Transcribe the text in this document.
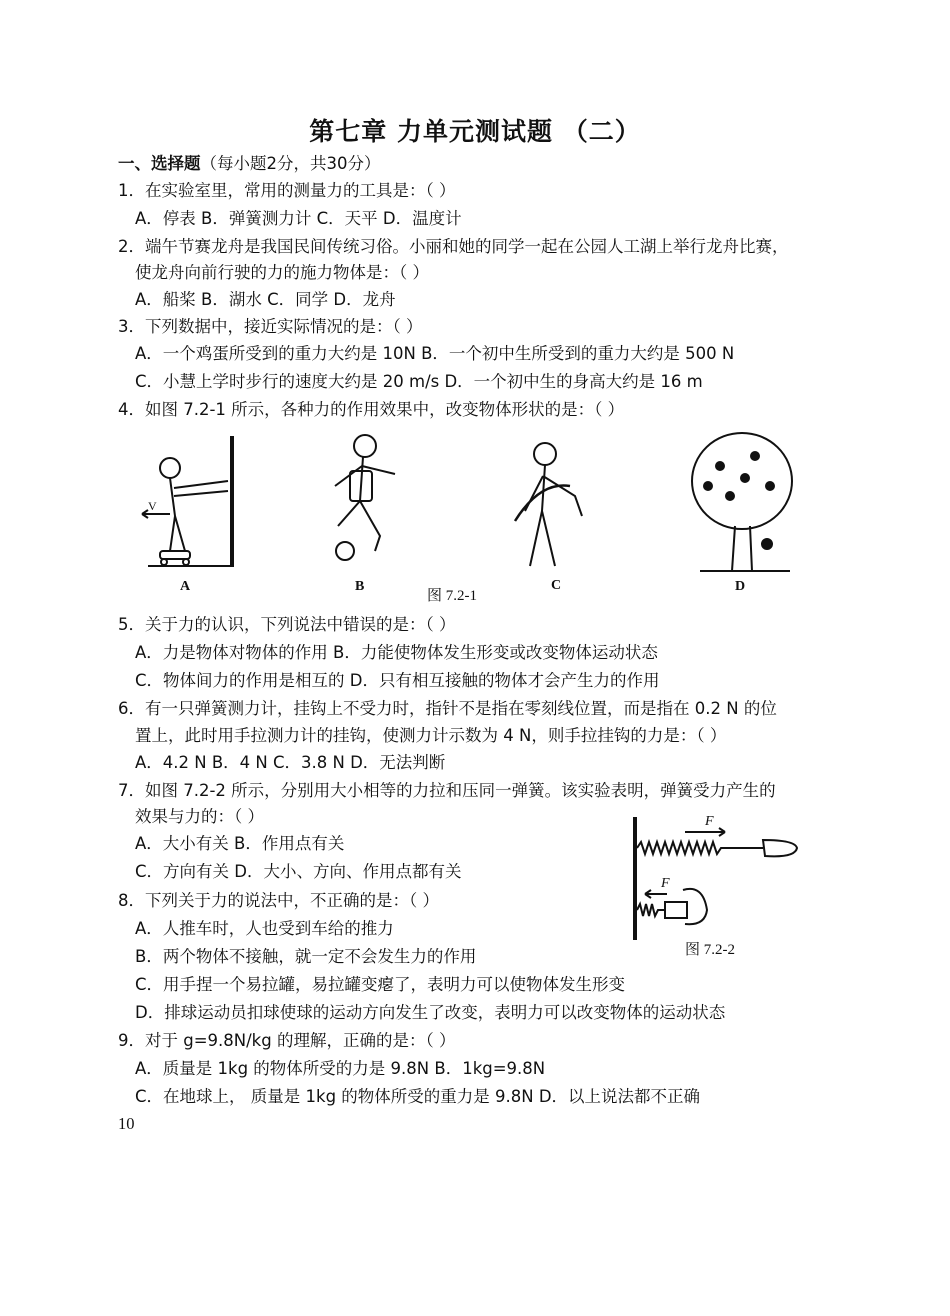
第七章 力单元测试题 （二）
一、选择题（每小题2分，共30分）
1．在实验室里，常用的测量力的工具是：（ ）
A．停表 B．弹簧测力计 C．天平 D．温度计
2．端午节赛龙舟是我国民间传统习俗。小丽和她的同学一起在公园人工湖上举行龙舟比赛，
使龙舟向前行驶的力的施力物体是：（ ）
A．船桨 B．湖水 C．同学 D．龙舟
3．下列数据中，接近实际情况的是：（ ）
A．一个鸡蛋所受到的重力大约是 10N B．一个初中生所受到的重力大约是 500 N
C．小慧上学时步行的速度大约是 20 m/s D．一个初中生的身高大约是 16 m
4．如图 7.2-1 所示，各种力的作用效果中，改变物体形状的是：（ ）
V
A	B	C	D
图 7.2-1
5．关于力的认识，下列说法中错误的是：（ ）
A．力是物体对物体的作用 B．力能使物体发生形变或改变物体运动状态
C．物体间力的作用是相互的 D．只有相互接触的物体才会产生力的作用
6．有一只弹簧测力计，挂钩上不受力时，指针不是指在零刻线位置，而是指在 0.2 N 的位
置上，此时用手拉测力计的挂钩，使测力计示数为 4 N，则手拉挂钩的力是：（ ）
A．4.2 N B．4 N C．3.8 N D．无法判断
7．如图 7.2-2 所示，分别用大小相等的力拉和压同一弹簧。该实验表明，弹簧受力产生的
效果与力的：（ ）
A．大小有关 B．作用点有关
C．方向有关 D．大小、方向、作用点都有关
F
F
图 7.2-2
8．下列关于力的说法中，不正确的是：（ ）
A．人推车时，人也受到车给的推力
B．两个物体不接触，就一定不会发生力的作用
C．用手捏一个易拉罐，易拉罐变瘪了，表明力可以使物体发生形变
D．排球运动员扣球使球的运动方向发生了改变，表明力可以改变物体的运动状态
9．对于 g=9.8N/kg 的理解，正确的是：（ ）
A．质量是 1kg 的物体所受的力是 9.8N B．1kg=9.8N
C．在地球上， 质量是 1kg 的物体所受的重力是 9.8N D．以上说法都不正确
10
